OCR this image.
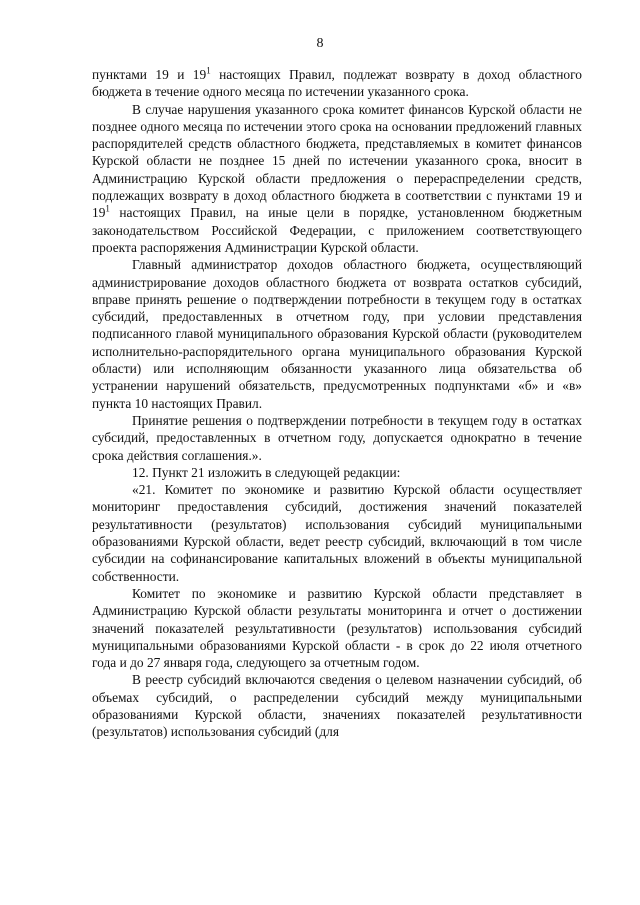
8

пунктами 19 и $19^1$ настоящих Правил, подлежат возврату в доход областного бюджета в течение одного месяца по истечении указанного срока.

В случае нарушения указанного срока комитет финансов Курской области не позднее одного месяца по истечении этого срока на основании предложений главных распорядителей средств областного бюджета, представляемых в комитет финансов Курской области не позднее 15 дней по истечении указанного срока, вносит в Администрацию Курской области предложения о перераспределении средств, подлежащих возврату в доход областного бюджета в соответствии с пунктами 19 и $19^1$ настоящих Правил, на иные цели в порядке, установленном бюджетным законодательством Российской Федерации, с приложением соответствующего проекта распоряжения Администрации Курской области.

Главный администратор доходов областного бюджета, осуществляющий администрирование доходов областного бюджета от возврата остатков субсидий, вправе принять решение о подтверждении потребности в текущем году в остатках субсидий, предоставленных в отчетном году, при условии представления подписанного главой муниципального образования Курской области (руководителем исполнительно-распорядительного органа муниципального образования Курской области) или исполняющим обязанности указанного лица обязательства об устранении нарушений обязательств, предусмотренных подпунктами «б» и «в» пункта 10 настоящих Правил.

Принятие решения о подтверждении потребности в текущем году в остатках субсидий, предоставленных в отчетном году, допускается однократно в течение срока действия соглашения.».

12. Пункт 21 изложить в следующей редакции:

«21. Комитет по экономике и развитию Курской области осуществляет мониторинг предоставления субсидий, достижения значений показателей результативности (результатов) использования субсидий муниципальными образованиями Курской области, ведет реестр субсидий, включающий в том числе субсидии на софинансирование капитальных вложений в объекты муниципальной собственности.

Комитет по экономике и развитию Курской области представляет в Администрацию Курской области результаты мониторинга и отчет о достижении значений показателей результативности (результатов) использования субсидий муниципальными образованиями Курской области - в срок до 22 июля отчетного года и до 27 января года, следующего за отчетным годом.

В реестр субсидий включаются сведения о целевом назначении субсидий, об объемах субсидий, о распределении субсидий между муниципальными образованиями Курской области, значениях показателей результативности (результатов) использования субсидий (для
